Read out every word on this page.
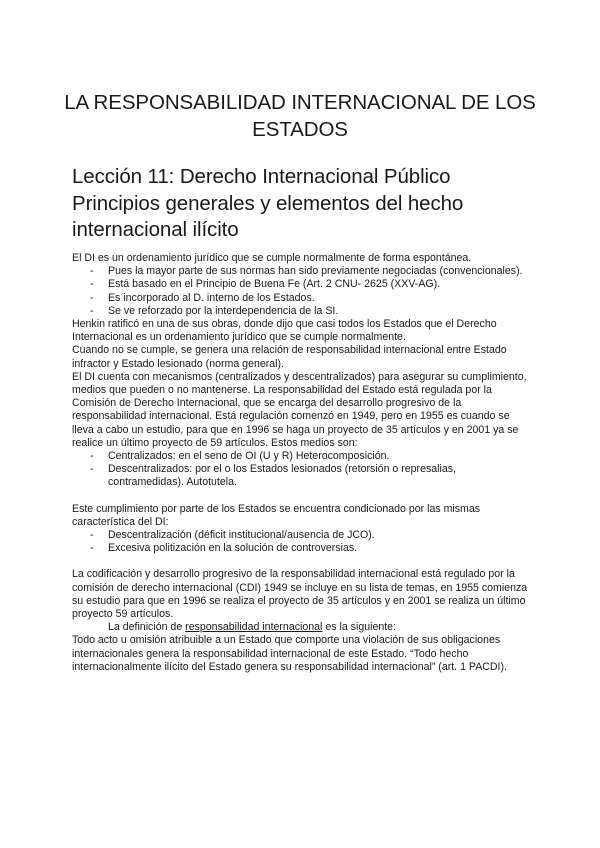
LA RESPONSABILIDAD INTERNACIONAL DE LOS ESTADOS
Lección 11: Derecho Internacional Público Principios generales y elementos del hecho internacional ilícito

El DI es un ordenamiento jurídico que se cumple normalmente de forma espontánea.

- Pues la mayor parte de sus normas han sido previamente negociadas (convencionales).
- Está basado en el Principio de Buena Fe (Art. 2 CNU- 2625 (XXV-AG).
- Es incorporado al D. interno de los Estados.
- Se ve reforzado por la interdependencia de la SI.

Henkin ratificó en una de sus obras, donde dijo que casi todos los Estados que el Derecho Internacional es un ordenamiento jurídico que se cumple normalmente.

Cuando no se cumple, se genera una relación de responsabilidad internacional entre Estado infractor y Estado lesionado (norma general).

El DI cuenta con mecanismos (centralizados y descentralizados) para asegurar su cumplimiento, medios que pueden o no mantenerse. La responsabilidad del Estado está regulada por la Comisión de Derecho Internacional, que se encarga del desarrollo progresivo de la responsabilidad internacional. Está regulación comenzó en 1949, pero en 1955 es cuando se lleva a cabo un estudio, para que en 1996 se haga un proyecto de 35 artículos y en 2001 ya se realice un último proyecto de 59 artículos. Estos medios son:

- Centralizados: en el seno de OI (U y R) Heterocomposición.
- Descentralizados: por el o los Estados lesionados (retorsión o represalias, contramedidas). Autotutela.

Este cumplimiento por parte de los Estados se encuentra condicionado por las mismas característica del DI:

- Descentralización (déficit institucional/ausencia de JCO).
- Excesiva politización en la solución de controversias.

La codificación y desarrollo progresivo de la responsabilidad internacional está regulado por la comisión de derecho internacional (CDI) 1949 se incluye en su lista de temas, en 1955 comienza su estudio para que en 1996 se realiza el proyecto de 35 artículos y en 2001 se realiza un último proyecto 59 artículos.

La definición de responsabilidad internacional es la siguiente:

Todo acto u omisión atribuible a un Estado que comporte una violación de sus obligaciones internacionales genera la responsabilidad internacional de este Estado. “Todo hecho internacionalmente ilícito del Estado genera su responsabilidad internacional” (art. 1 PACDI).
